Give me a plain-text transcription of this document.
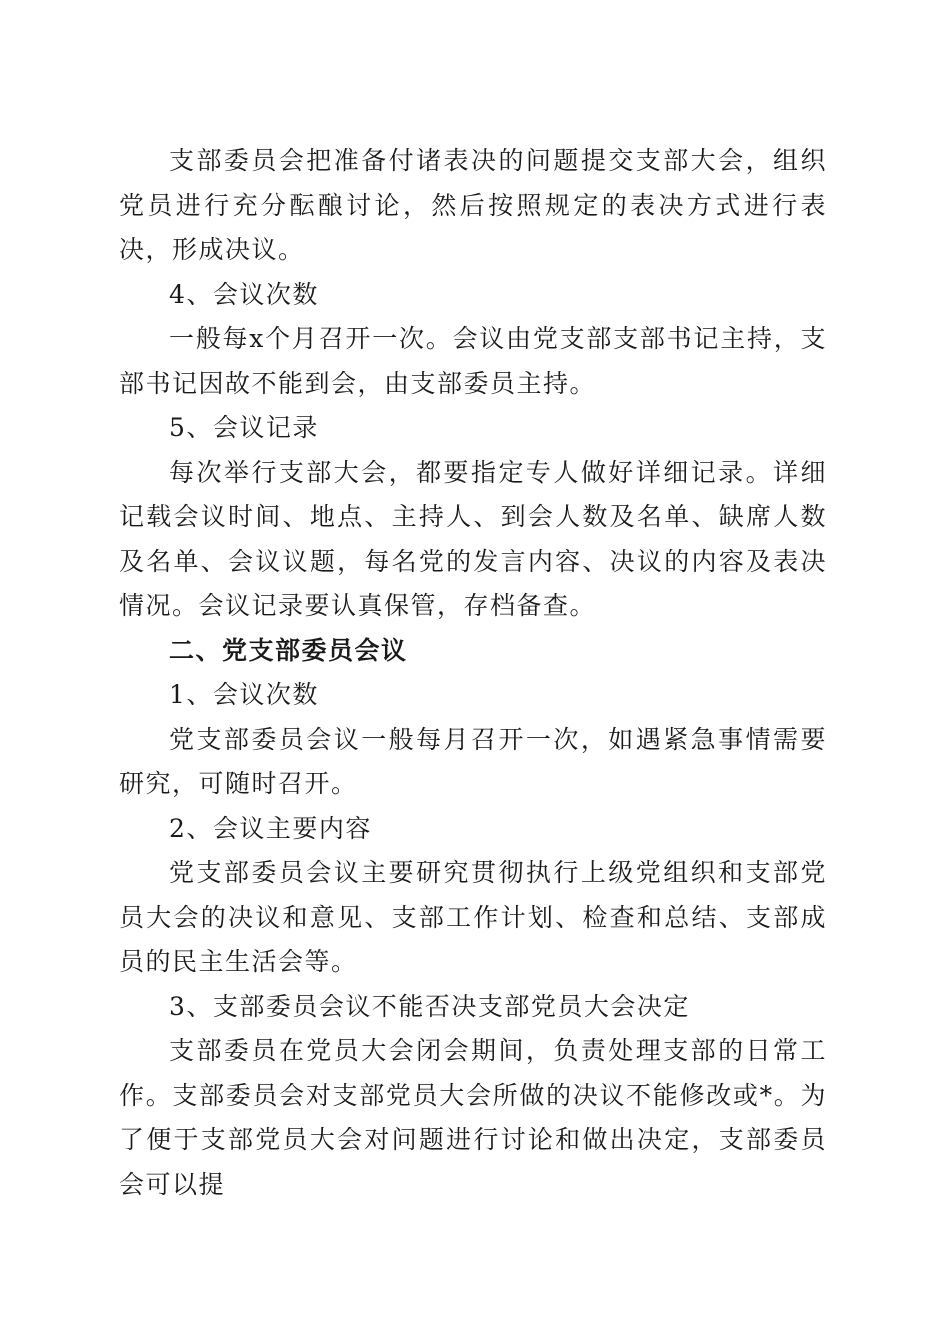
支部委员会把准备付诸表决的问题提交支部大会，组织党员进行充分酝酿讨论，然后按照规定的表决方式进行表决，形成决议。

4、会议次数

一般每x个月召开一次。会议由党支部支部书记主持，支部书记因故不能到会，由支部委员主持。

5、会议记录

每次举行支部大会，都要指定专人做好详细记录。详细记载会议时间、地点、主持人、到会人数及名单、缺席人数及名单、会议议题，每名党的发言内容、决议的内容及表决情况。会议记录要认真保管，存档备查。

二、党支部委员会议

1、会议次数

党支部委员会议一般每月召开一次，如遇紧急事情需要研究，可随时召开。

2、会议主要内容

党支部委员会议主要研究贯彻执行上级党组织和支部党员大会的决议和意见、支部工作计划、检查和总结、支部成员的民主生活会等。

3、支部委员会议不能否决支部党员大会决定

支部委员在党员大会闭会期间，负责处理支部的日常工作。支部委员会对支部党员大会所做的决议不能修改或*。为了便于支部党员大会对问题进行讨论和做出决定，支部委员会可以提
